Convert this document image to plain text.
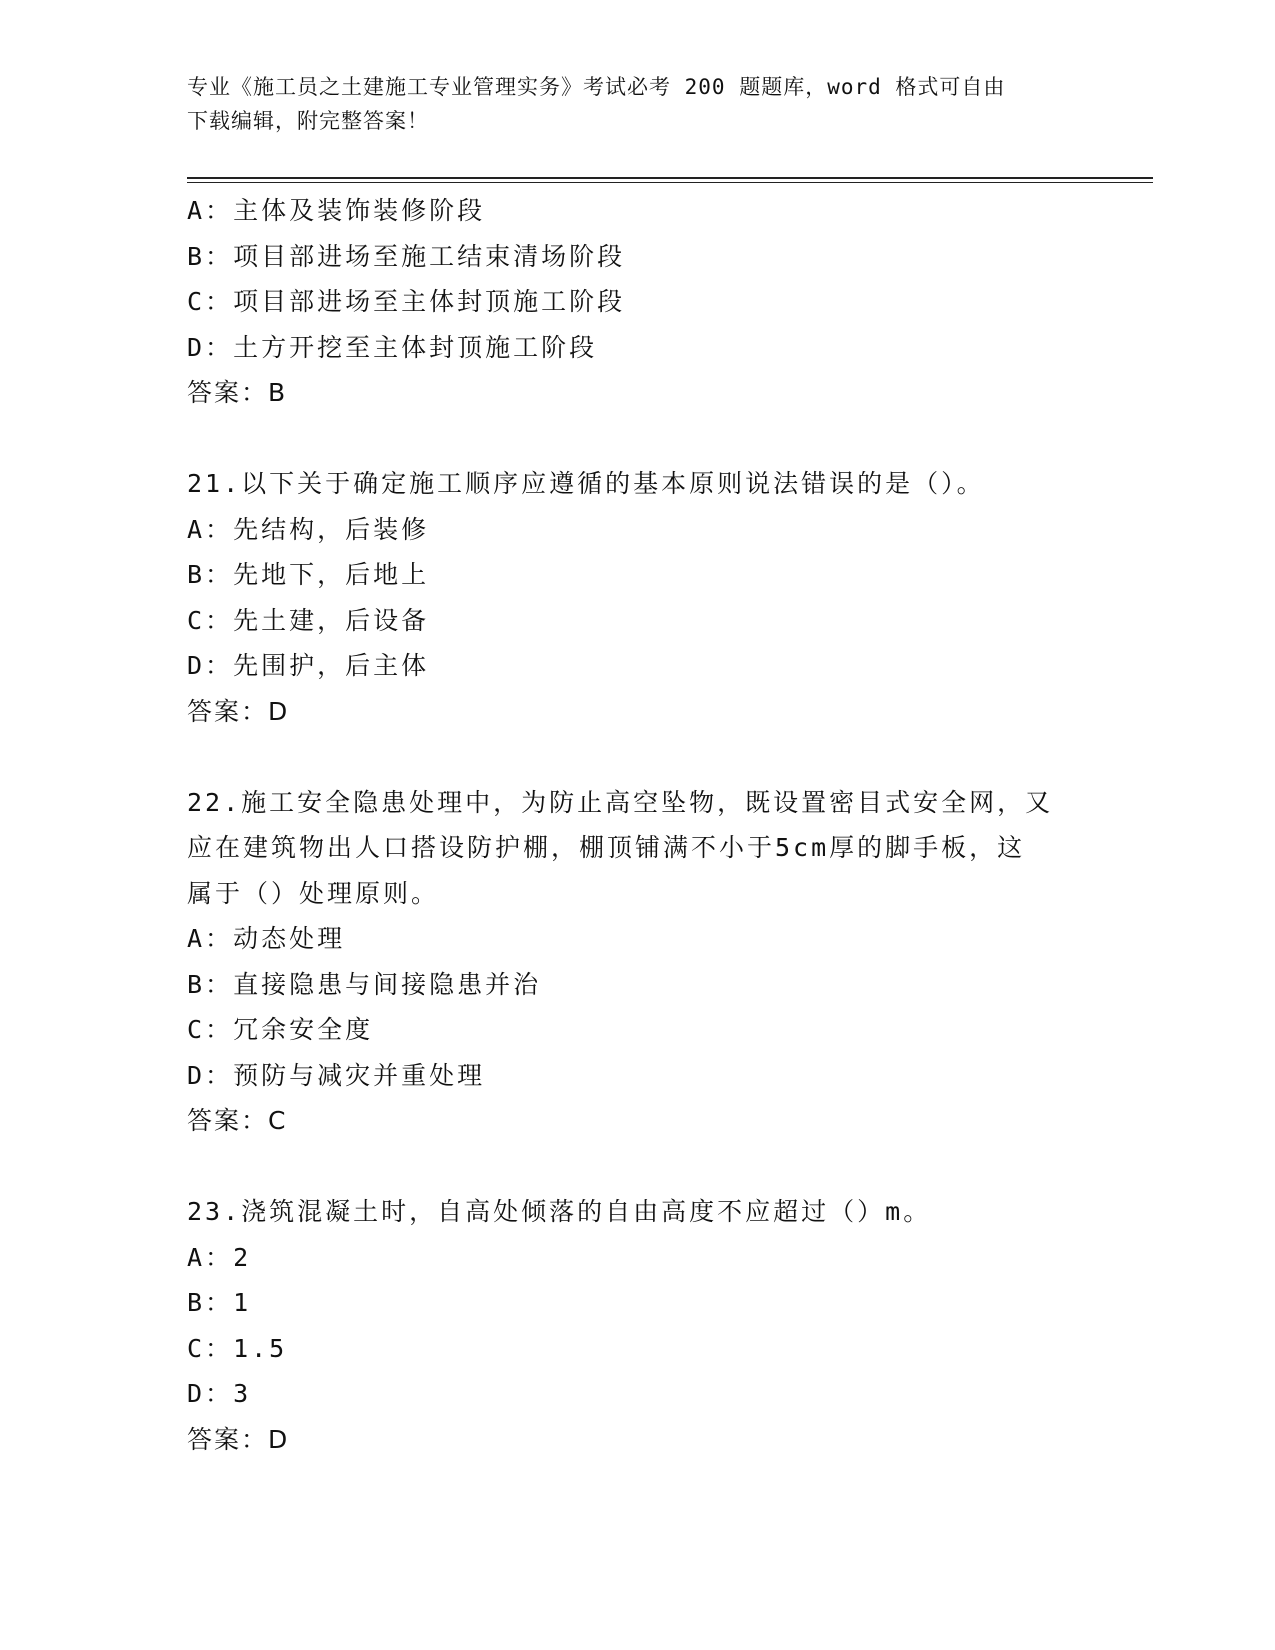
专业《施工员之土建施工专业管理实务》考试必考 200 题题库，word 格式可自由
下载编辑，附完整答案！
A：主体及装饰装修阶段
B：项目部进场至施工结束清场阶段
C：项目部进场至主体封顶施工阶段
D：土方开挖至主体封顶施工阶段
答案：B
21.以下关于确定施工顺序应遵循的基本原则说法错误的是（）。
A：先结构，后装修
B：先地下，后地上
C：先土建，后设备
D：先围护，后主体
答案：D
22.施工安全隐患处理中，为防止高空坠物，既设置密目式安全网，又
应在建筑物出人口搭设防护棚，棚顶铺满不小于5cm厚的脚手板，这
属于（）处理原则。
A：动态处理
B：直接隐患与间接隐患并治
C：冗余安全度
D：预防与减灾并重处理
答案：C
23.浇筑混凝土时，自高处倾落的自由高度不应超过（）m。
A：2
B：1
C：1.5
D：3
答案：D
